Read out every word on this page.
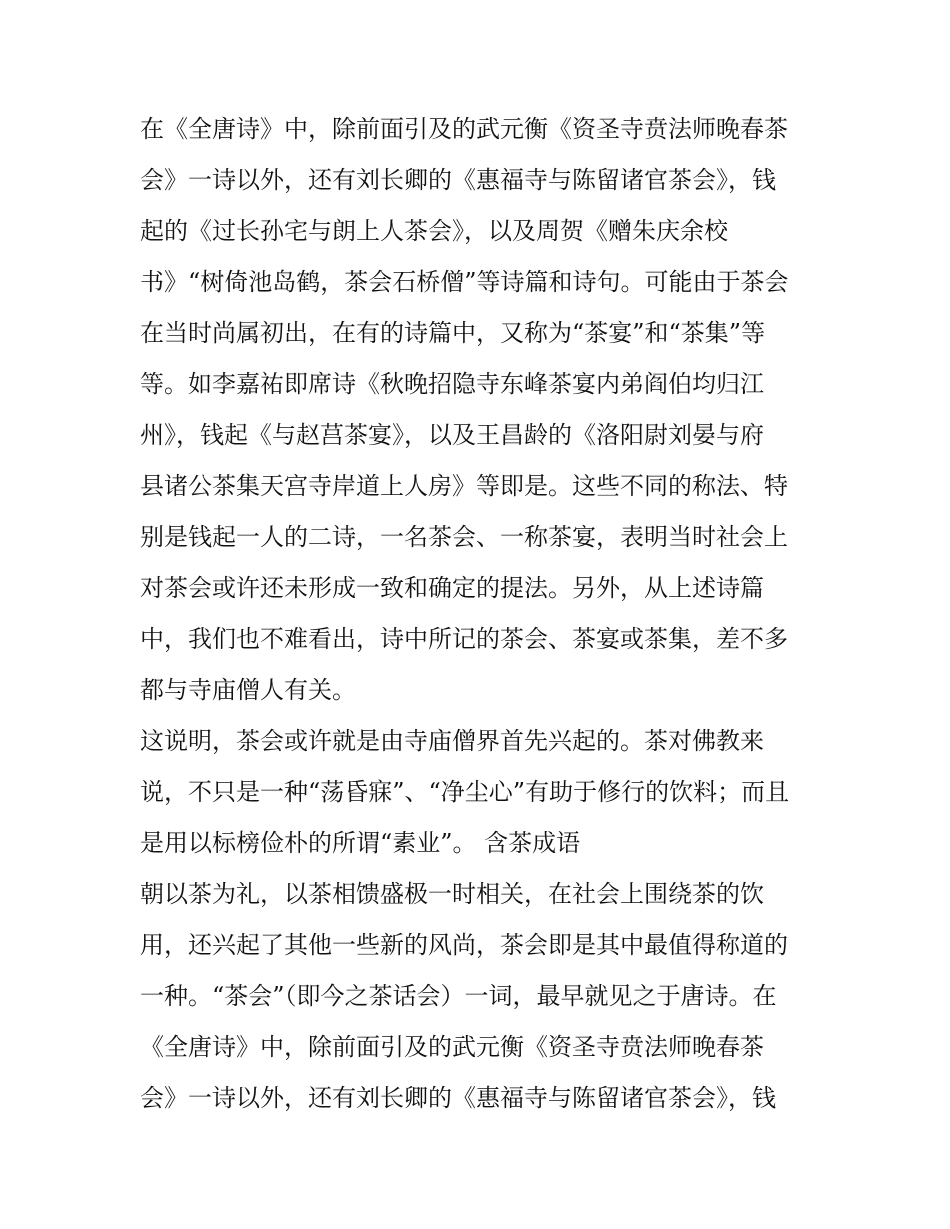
在《全唐诗》中，除前面引及的武元衡《资圣寺贲法师晚春茶
会》一诗以外，还有刘长卿的《惠福寺与陈留诸官茶会》，钱
起的《过长孙宅与朗上人茶会》，以及周贺《赠朱庆余校
书》“树倚池岛鹤，茶会石桥僧”等诗篇和诗句。可能由于茶会
在当时尚属初出，在有的诗篇中，又称为“茶宴”和“茶集”等
等。如李嘉祐即席诗《秋晚招隐寺东峰茶宴内弟阎伯均归江
州》，钱起《与赵莒茶宴》，以及王昌龄的《洛阳尉刘晏与府
县诸公茶集天宫寺岸道上人房》等即是。这些不同的称法、特
别是钱起一人的二诗，一名茶会、一称茶宴，表明当时社会上
对茶会或许还未形成一致和确定的提法。另外，从上述诗篇
中，我们也不难看出，诗中所记的茶会、茶宴或茶集，差不多
都与寺庙僧人有关。
这说明，茶会或许就是由寺庙僧界首先兴起的。茶对佛教来
说，不只是一种“荡昏寐”、“净尘心”有助于修行的饮料；而且
是用以标榜俭朴的所谓“素业”。 含茶成语
朝以茶为礼，以茶相馈盛极一时相关，在社会上围绕茶的饮
用，还兴起了其他一些新的风尚，茶会即是其中最值得称道的
一种。“茶会”（即今之茶话会）一词，最早就见之于唐诗。在
《全唐诗》中，除前面引及的武元衡《资圣寺贲法师晚春茶
会》一诗以外，还有刘长卿的《惠福寺与陈留诸官茶会》，钱
